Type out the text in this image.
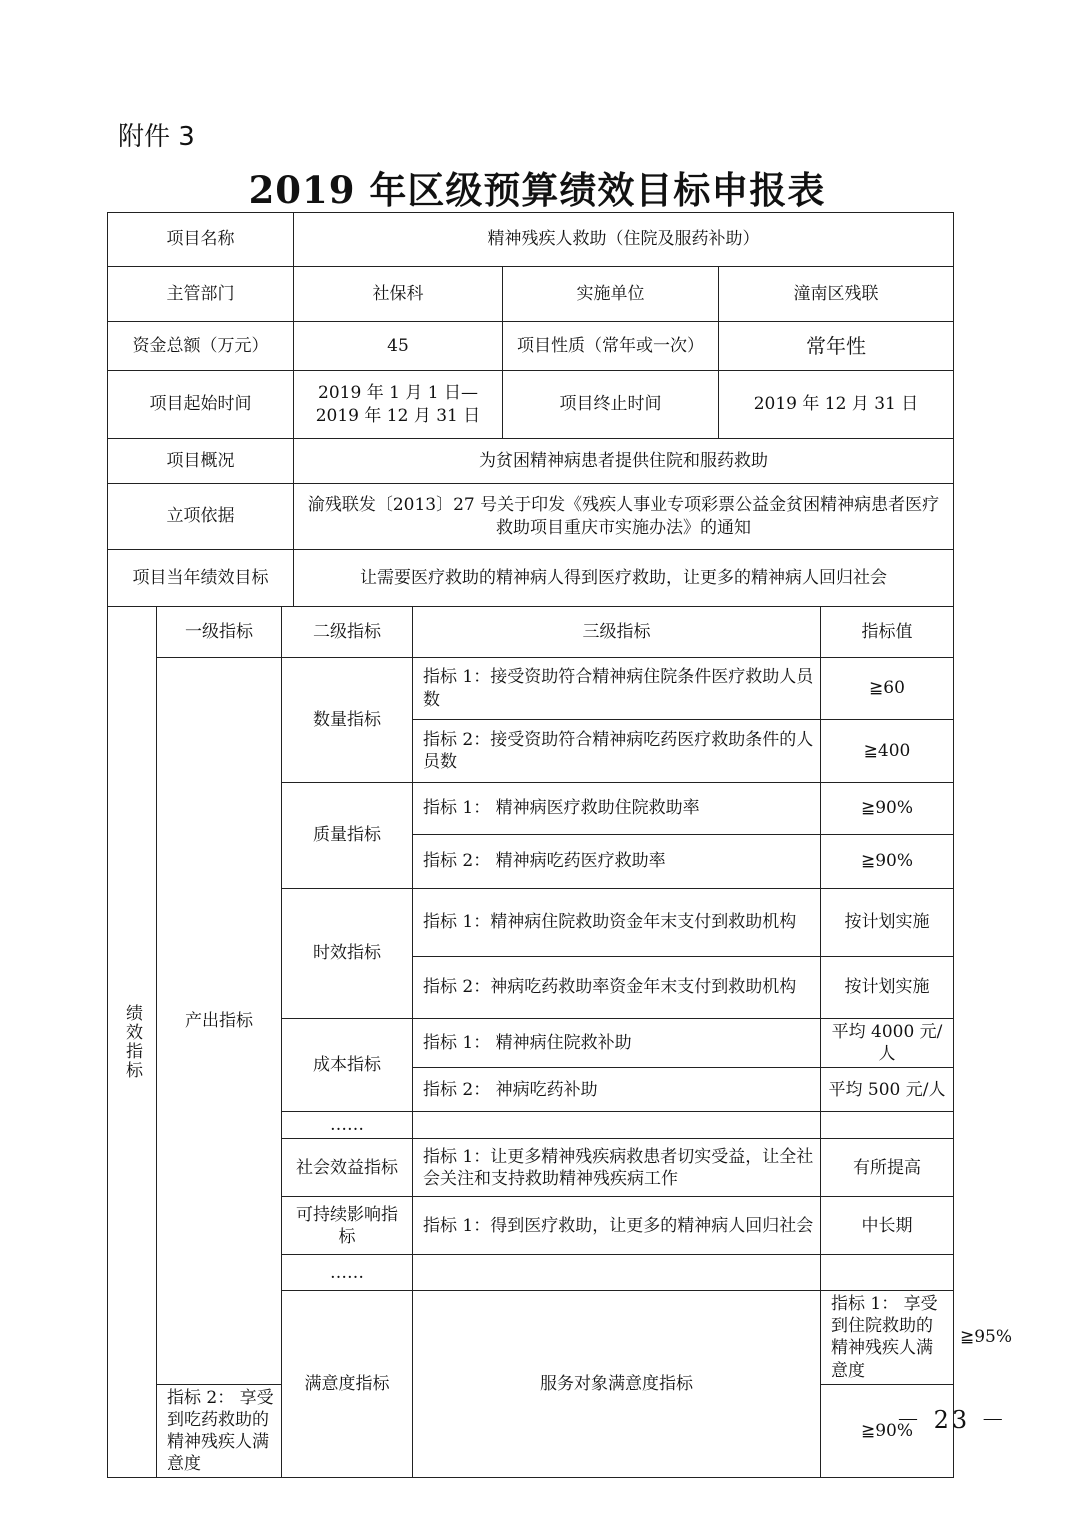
附件 3
2019 年区级预算绩效目标申报表
项目名称	精神残疾人救助（住院及服药补助）		
主管部门	社保科	实施单位	潼南区残联
资金总额（万元）	45	项目性质（常年或一次）	常年性
项目起始时间	2019 年 1 月 1 日—2019 年 12 月 31 日	项目终止时间	2019 年 12 月 31 日
项目概况	为贫困精神病患者提供住院和服药救助		
立项依据	渝残联发〔2013〕27 号关于印发《残疾人事业专项彩票公益金贫困精神病患者医疗救助项目重庆市实施办法》的通知		
项目当年绩效目标	让需要医疗救助的精神病人得到医疗救助，让更多的精神病人回归社会		
绩效指标	一级指标	二级指标	三级指标	指标值	
	产出指标	数量指标	指标 1：接受资助符合精神病住院条件医疗救助人员数	≧60	
			指标 2：接受资助符合精神病吃药医疗救助条件的人员数	≧400	
		质量指标	指标 1： 精神病医疗救助住院救助率	≧90%	
			指标 2： 精神病吃药医疗救助率	≧90%	
		时效指标	指标 1：精神病住院救助资金年末支付到救助机构	按计划实施	
			指标 2：神病吃药救助率资金年末支付到救助机构	按计划实施	
		成本指标	指标 1： 精神病住院救补助	平均 4000 元/人	
			指标 2： 神病吃药补助	平均 500 元/人	
		……			
		社会效益指标	指标 1：让更多精神残疾病救患者切实受益，让全社会关注和支持救助精神残疾病工作	有所提高	
		可持续影响指标	指标 1：得到医疗救助，让更多的精神病人回归社会	中长期	
		……			
		满意度指标	服务对象满意度指标	指标 1： 享受到住院救助的精神残疾人满意度	≧95%
	指标 2： 享受到吃药救助的精神残疾人满意度			≧90%	
－ 23 －
